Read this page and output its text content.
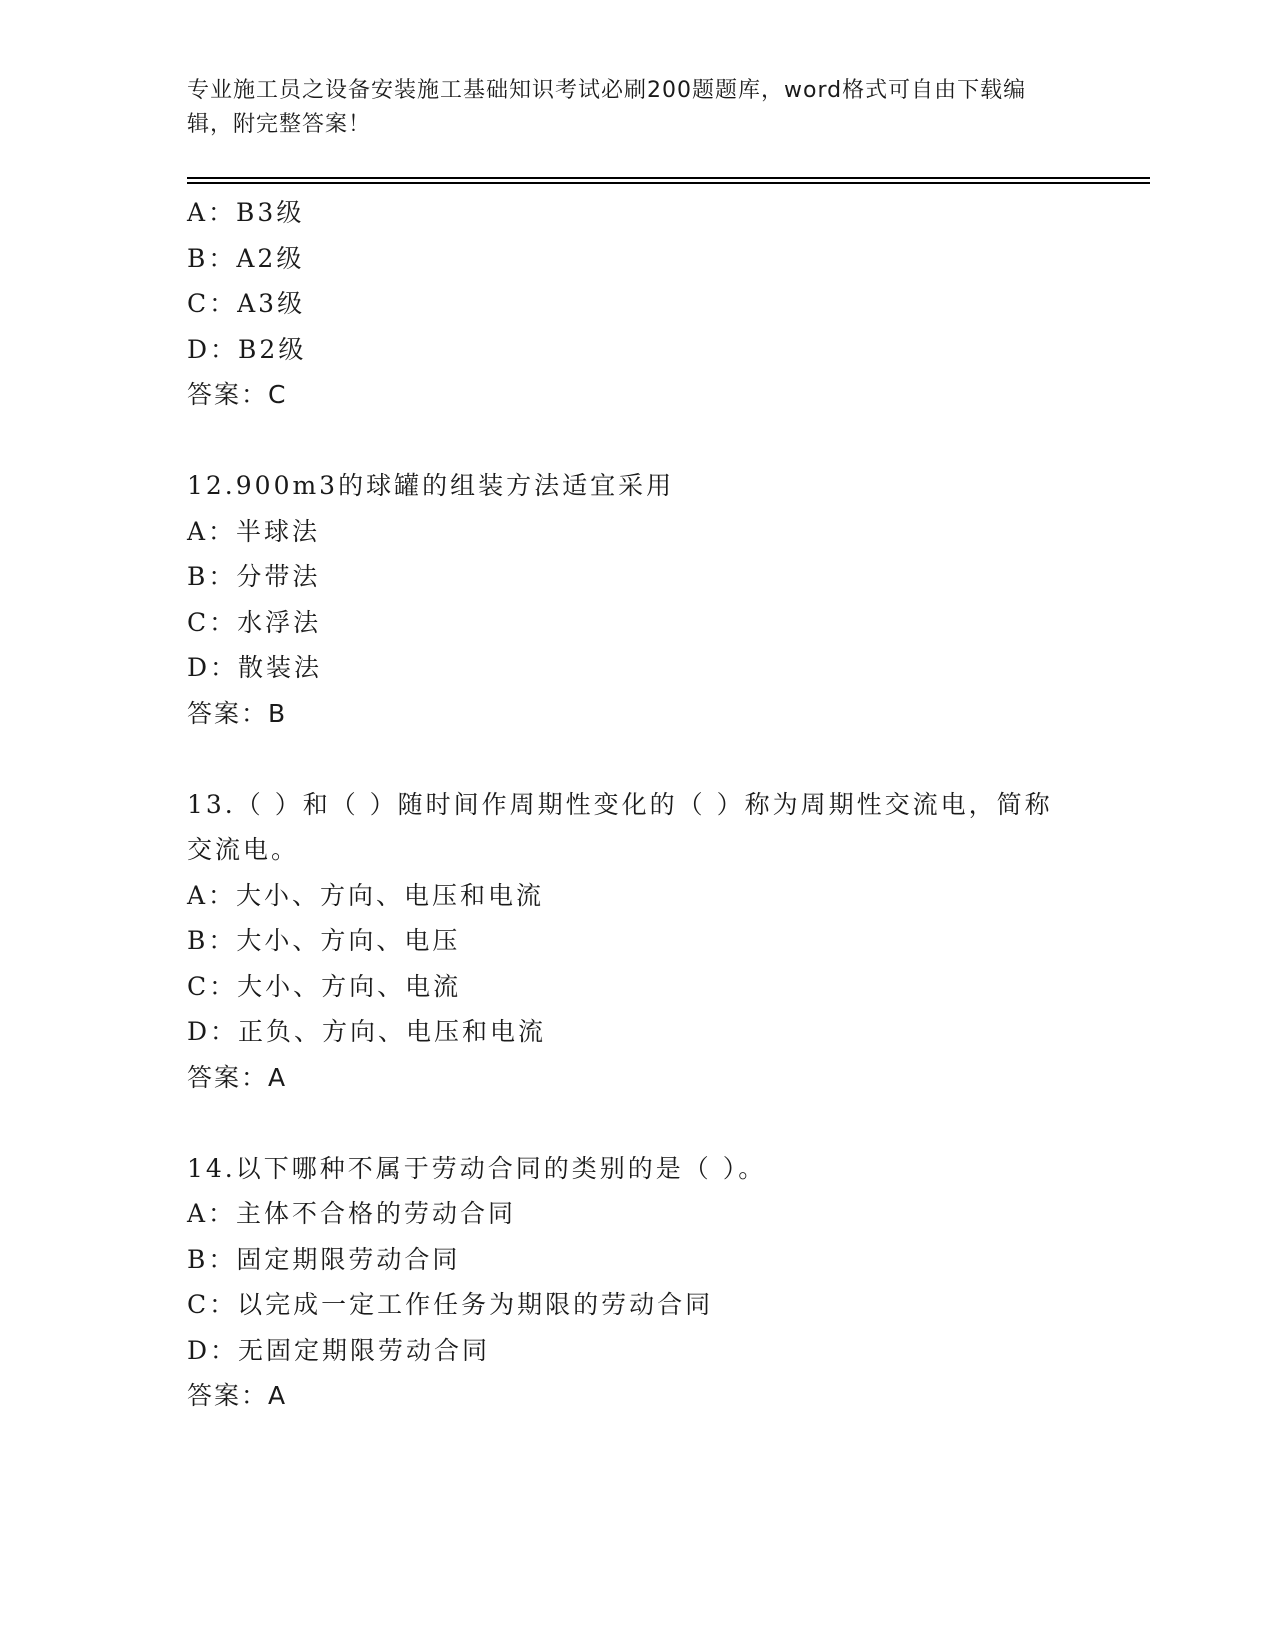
专业施工员之设备安装施工基础知识考试必刷200题题库，word格式可自由下载编辑，附完整答案！
A：B3级
B：A2级
C：A3级
D：B2级
答案：C
12.900m3的球罐的组装方法适宜采用
A：半球法
B：分带法
C：水浮法
D：散装法
答案：B
13.（ ）和（ ）随时间作周期性变化的（ ）称为周期性交流电，简称交流电。
A：大小、方向、电压和电流
B：大小、方向、电压
C：大小、方向、电流
D：正负、方向、电压和电流
答案：A
14.以下哪种不属于劳动合同的类别的是（ ）。
A：主体不合格的劳动合同
B：固定期限劳动合同
C：以完成一定工作任务为期限的劳动合同
D：无固定期限劳动合同
答案：A
